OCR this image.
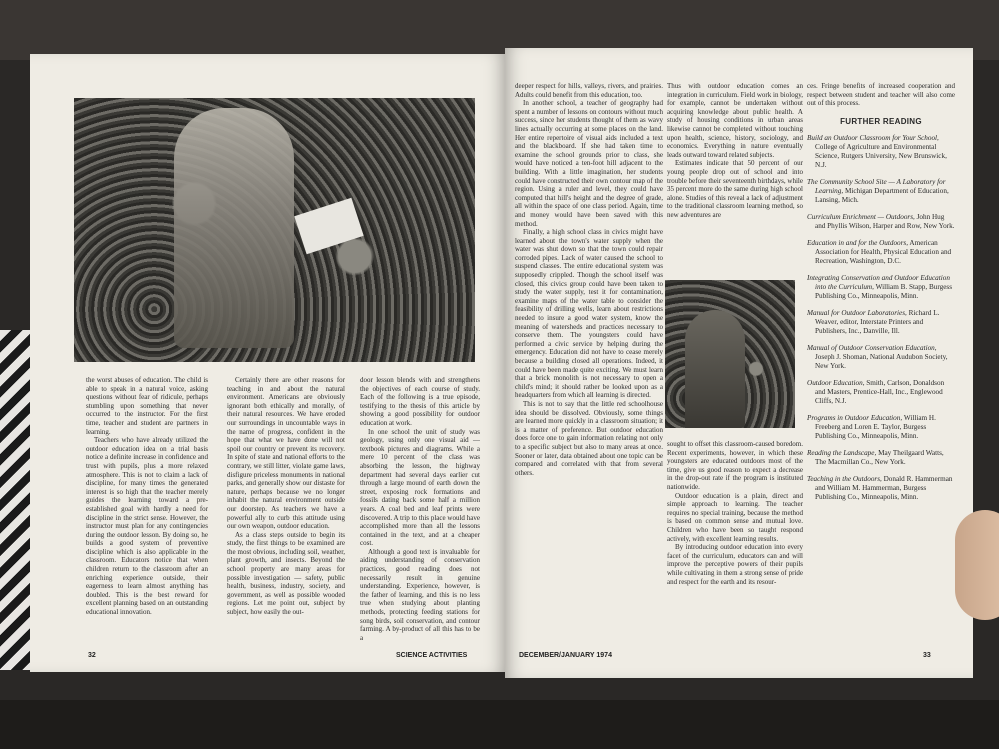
the worst abuses of education. The child is able to speak in a natural voice, asking questions without fear of ridicule, perhaps stumbling upon something that never occurred to the instructor. For the first time, teacher and student are partners in learning.

Teachers who have already utilized the outdoor education idea on a trial basis notice a definite increase in confidence and trust with pupils, plus a more relaxed atmosphere. This is not to claim a lack of discipline, for many times the generated interest is so high that the teacher merely guides the learning toward a pre-established goal with hardly a need for discipline in the strict sense. However, the instructor must plan for any contingencies during the outdoor lesson. By doing so, he builds a good system of preventive discipline which is also applicable in the classroom. Educators notice that when children return to the classroom after an enriching experience outside, their eagerness to learn almost anything has doubled. This is the best reward for excellent planning based on an outstanding educational innovation.

Certainly there are other reasons for teaching in and about the natural environment. Americans are obviously ignorant both ethically and morally, of their natural resources. We have eroded our surroundings in uncountable ways in the name of progress, confident in the hope that what we have done will not spoil our country or prevent its recovery. In spite of state and national efforts to the contrary, we still litter, violate game laws, disfigure priceless monuments in national parks, and generally show our distaste for nature, perhaps because we no longer inhabit the natural environment outside our doorstep. As teachers we have a powerful ally to curb this attitude using our own weapon, outdoor education.

As a class steps outside to begin its study, the first things to be examined are the most obvious, including soil, weather, plant growth, and insects. Beyond the school property are many areas for possible investigation — safety, public health, business, industry, society, and government, as well as possible wooded regions. Let me point out, subject by subject, how easily the out-

door lesson blends with and strengthens the objectives of each course of study. Each of the following is a true episode, testifying to the thesis of this article by showing a good possibility for outdoor education at work.

In one school the unit of study was geology, using only one visual aid — textbook pictures and diagrams. While a mere 10 percent of the class was absorbing the lesson, the highway department had several days earlier cut through a large mound of earth down the street, exposing rock formations and fossils dating back some half a million years. A coal bed and leaf prints were discovered. A trip to this place would have accomplished more than all the lessons contained in the text, and at a cheaper cost.

Although a good text is invaluable for aiding understanding of conservation practices, good reading does not necessarily result in genuine understanding. Experience, however, is the father of learning, and this is no less true when studying about planting methods, protecting feeding stations for song birds, soil conservation, and contour farming. A by-product of all this has to be a

32	SCIENCE ACTIVITIES

deeper respect for hills, valleys, rivers, and prairies. Adults could benefit from this education, too.

In another school, a teacher of geography had spent a number of lessons on contours without much success, since her students thought of them as wavy lines actually occurring at some places on the land. Her entire repertoire of visual aids included a text and the blackboard. If she had taken time to examine the school grounds prior to class, she would have noticed a ten-foot hill adjacent to the building. With a little imagination, her students could have constructed their own contour map of the region. Using a ruler and level, they could have computed that hill's height and the degree of grade, all within the space of one class period. Again, time and money would have been saved with this method.

Finally, a high school class in civics might have learned about the town's water supply when the water was shut down so that the town could repair corroded pipes. Lack of water caused the school to suspend classes. The entire educational system was supposedly crippled. Though the school itself was closed, this civics group could have been taken to study the water supply, test it for contamination, examine maps of the water table to consider the feasibility of drilling wells, learn about restrictions needed to insure a good water system, know the meaning of watersheds and practices necessary to conserve them. The youngsters could have performed a civic service by helping during the emergency. Education did not have to cease merely because a building closed all operations. Indeed, it could have been made quite exciting. We must learn that a brick monolith is not necessary to open a child's mind; it should rather be looked upon as a headquarters from which all learning is directed.

This is not to say that the little red schoolhouse idea should be dissolved. Obviously, some things are learned more quickly in a classroom situation; it is a matter of preference. But outdoor education does force one to gain information relating not only to a specific subject but also to many areas at once. Sooner or later, data obtained about one topic can be compared and correlated with that from several others.

Thus with outdoor education comes an integration in curriculum. Field work in biology, for example, cannot be undertaken without acquiring knowledge about public health. A study of housing conditions in urban areas likewise cannot be completed without touching upon health, science, history, sociology, and economics. Everything in nature eventually leads outward toward related subjects.

Estimates indicate that 50 percent of our young people drop out of school and into trouble before their seventeenth birthdays, while 35 percent more do the same during high school alone. Studies of this reveal a lack of adjustment to the traditional classroom learning method, so new adventures are

sought to offset this classroom-caused boredom. Recent experiments, however, in which these youngsters are educated outdoors most of the time, give us good reason to expect a decrease in the drop-out rate if the program is instituted nationwide.

Outdoor education is a plain, direct and simple approach to learning. The teacher requires no special training, because the method is based on common sense and mutual love. Children who have been so taught respond actively, with excellent learning results.

By introducing outdoor education into every facet of the curriculum, educators can and will improve the perceptive powers of their pupils while cultivating in them a strong sense of pride and respect for the earth and its resour-

ces. Fringe benefits of increased cooperation and respect between student and teacher will also come out of this process.

FURTHER READING
Build an Outdoor Classroom for Your School, College of Agriculture and Environmental Science, Rutgers University, New Brunswick, N.J.
The Community School Site — A Laboratory for Learning, Michigan Department of Education, Lansing, Mich.
Curriculum Enrichment — Outdoors, John Hug and Phyllis Wilson, Harper and Row, New York.
Education in and for the Outdoors, American Association for Health, Physical Education and Recreation, Washington, D.C.
Integrating Conservation and Outdoor Education into the Curriculum, William B. Stapp, Burgess Publishing Co., Minneapolis, Minn.
Manual for Outdoor Laboratories, Richard L. Weaver, editor, Interstate Printers and Publishers, Inc., Danville, Ill.
Manual of Outdoor Conservation Education, Joseph J. Shoman, National Audubon Society, New York.
Outdoor Education, Smith, Carlson, Donaldson and Masters, Prentice-Hall, Inc., Englewood Cliffs, N.J.
Programs in Outdoor Education, William H. Freeberg and Loren E. Taylor, Burgess Publishing Co., Minneapolis, Minn.
Reading the Landscape, May Theilgaard Watts, The Macmillan Co., New York.
Teaching in the Outdoors, Donald R. Hammerman and William M. Hammerman, Burgess Publishing Co., Minneapolis, Minn.
DECEMBER/JANUARY 1974	33
